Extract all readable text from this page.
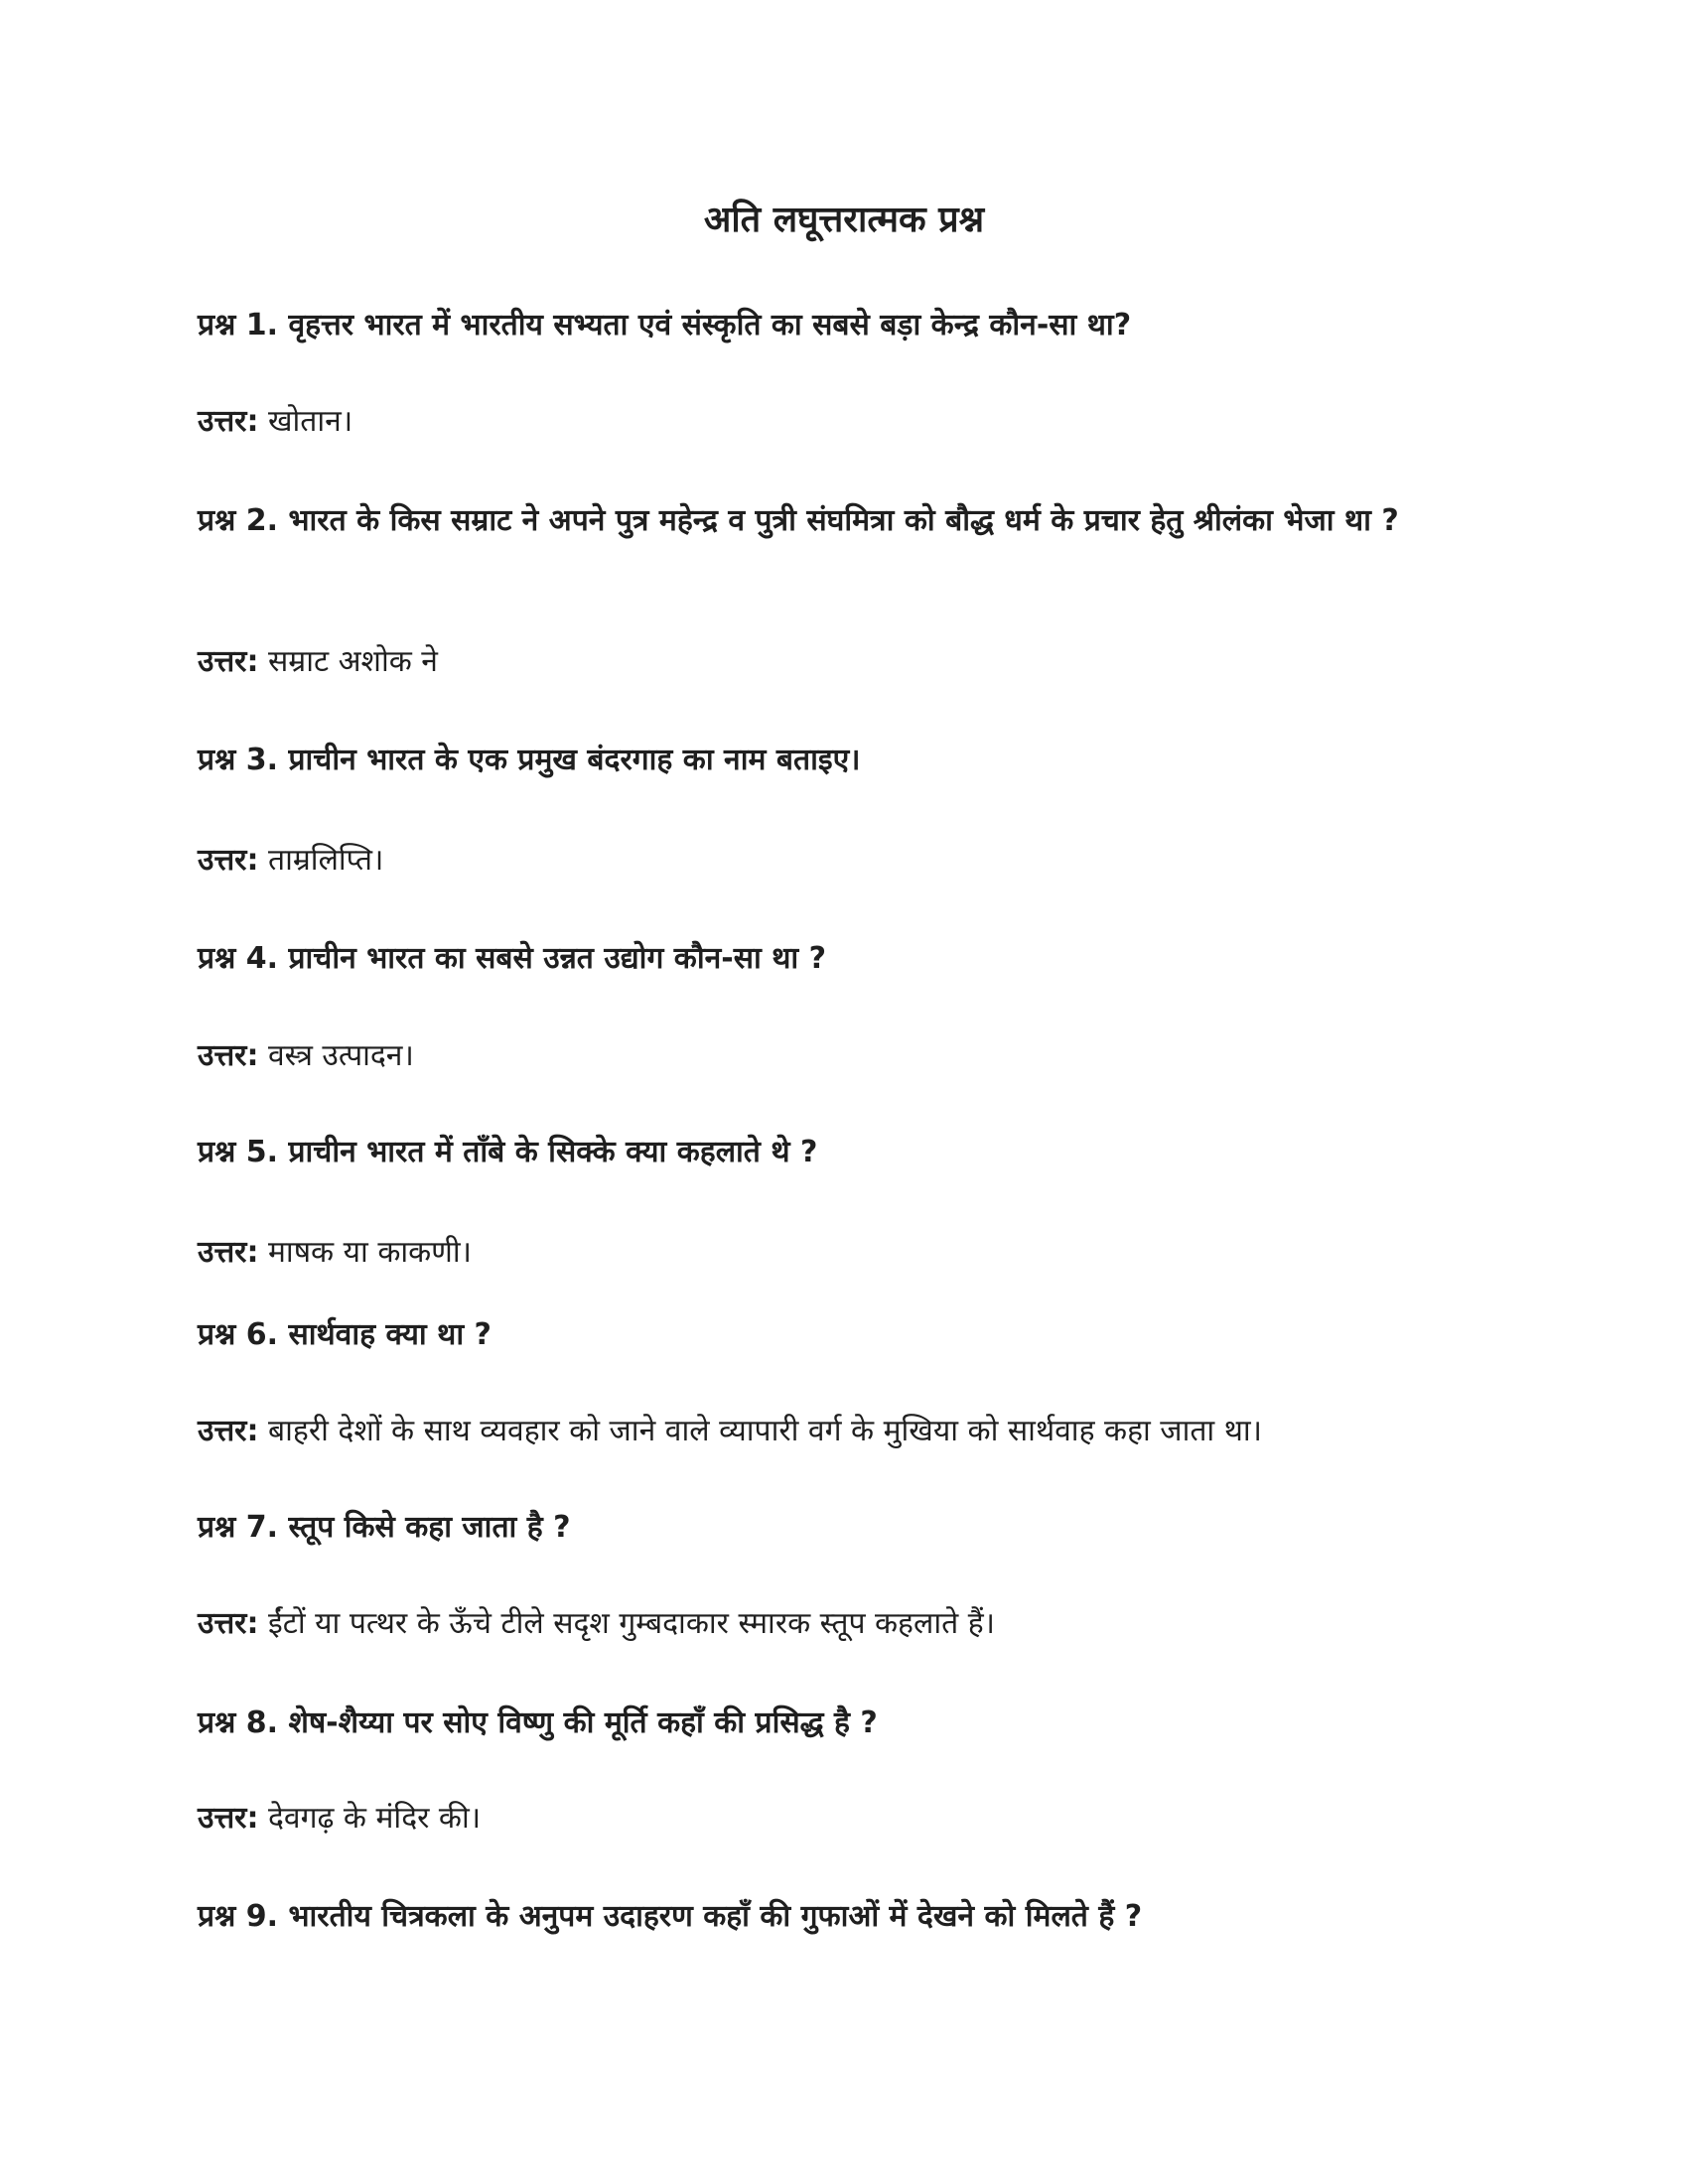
अति लघूत्तरात्मक प्रश्न
प्रश्न 1. वृहत्तर भारत में भारतीय सभ्यता एवं संस्कृति का सबसे बड़ा केन्द्र कौन-सा था?
उत्तर: खोतान।
प्रश्न 2. भारत के किस सम्राट ने अपने पुत्र महेन्द्र व पुत्री संघमित्रा को बौद्ध धर्म के प्रचार हेतु श्रीलंका भेजा था ?
उत्तर: सम्राट अशोक ने
प्रश्न 3. प्राचीन भारत के एक प्रमुख बंदरगाह का नाम बताइए।
उत्तर: ताम्रलिप्ति।
प्रश्न 4. प्राचीन भारत का सबसे उन्नत उद्योग कौन-सा था ?
उत्तर: वस्त्र उत्पादन।
प्रश्न 5. प्राचीन भारत में ताँबे के सिक्के क्या कहलाते थे ?
उत्तर: माषक या काकणी।
प्रश्न 6. सार्थवाह क्या था ?
उत्तर: बाहरी देशों के साथ व्यवहार को जाने वाले व्यापारी वर्ग के मुखिया को सार्थवाह कहा जाता था।
प्रश्न 7. स्तूप किसे कहा जाता है ?
उत्तर: ईंटों या पत्थर के ऊँचे टीले सदृश गुम्बदाकार स्मारक स्तूप कहलाते हैं।
प्रश्न 8. शेष-शैय्या पर सोए विष्णु की मूर्ति कहाँ की प्रसिद्ध है ?
उत्तर: देवगढ़ के मंदिर की।
प्रश्न 9. भारतीय चित्रकला के अनुपम उदाहरण कहाँ की गुफाओं में देखने को मिलते हैं ?
